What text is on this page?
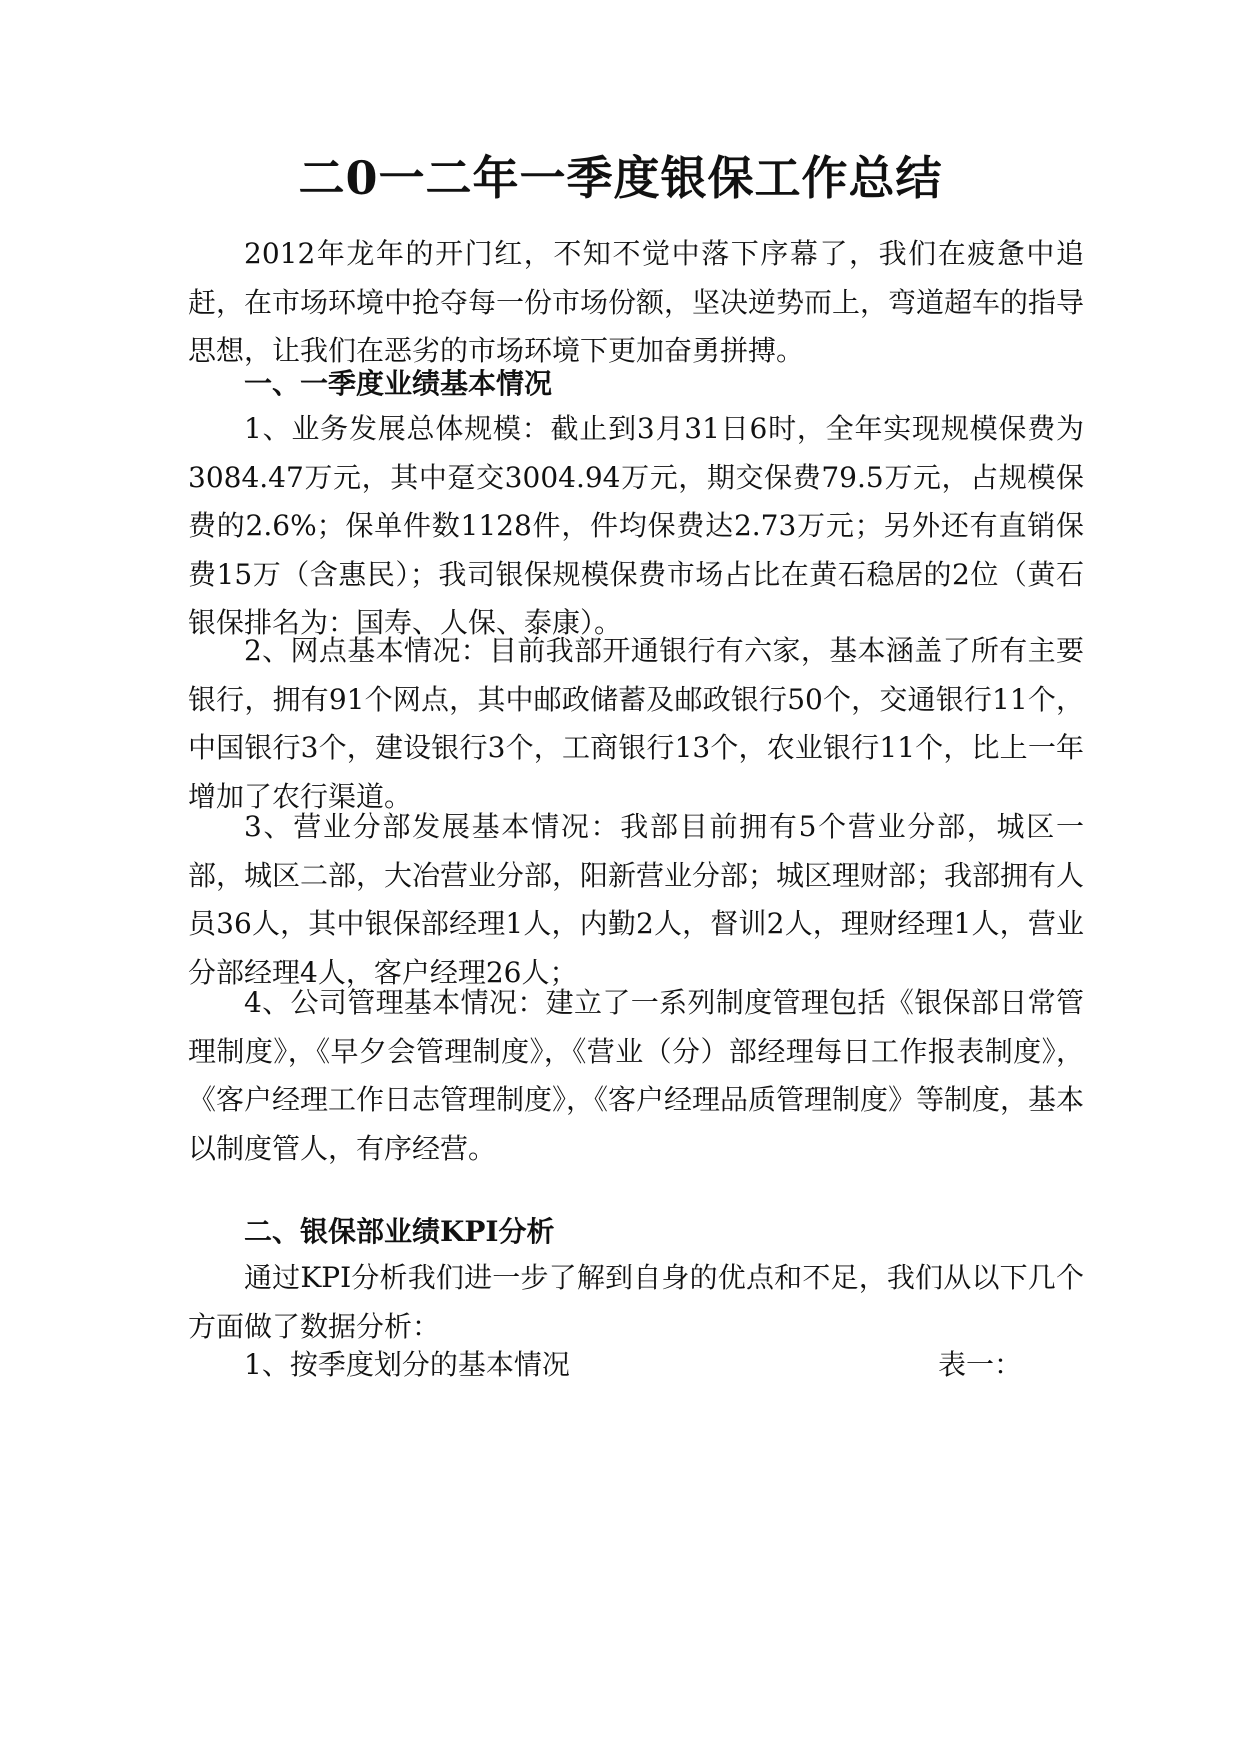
二0一二年一季度银保工作总结
2012年龙年的开门红，不知不觉中落下序幕了，我们在疲惫中追赶，在市场环境中抢夺每一份市场份额，坚决逆势而上，弯道超车的指导思想，让我们在恶劣的市场环境下更加奋勇拼搏。
一、一季度业绩基本情况
1、业务发展总体规模：截止到3月31日6时，全年实现规模保费为3084.47万元，其中趸交3004.94万元，期交保费79.5万元，占规模保费的2.6%；保单件数1128件，件均保费达2.73万元；另外还有直销保费15万（含惠民）；我司银保规模保费市场占比在黄石稳居的2位（黄石银保排名为：国寿、人保、泰康）。
2、网点基本情况：目前我部开通银行有六家，基本涵盖了所有主要银行，拥有91个网点，其中邮政储蓄及邮政银行50个，交通银行11个，中国银行3个，建设银行3个，工商银行13个，农业银行11个，比上一年增加了农行渠道。
3、营业分部发展基本情况：我部目前拥有5个营业分部，城区一部，城区二部，大冶营业分部，阳新营业分部；城区理财部；我部拥有人员36人，其中银保部经理1人，内勤2人，督训2人，理财经理1人，营业分部经理4人，客户经理26人；
4、公司管理基本情况：建立了一系列制度管理包括《银保部日常管理制度》，《早夕会管理制度》，《营业（分）部经理每日工作报表制度》，《客户经理工作日志管理制度》，《客户经理品质管理制度》等制度，基本以制度管人，有序经营。
二、银保部业绩KPI分析
通过KPI分析我们进一步了解到自身的优点和不足，我们从以下几个方面做了数据分析：
1、按季度划分的基本情况	表一：
